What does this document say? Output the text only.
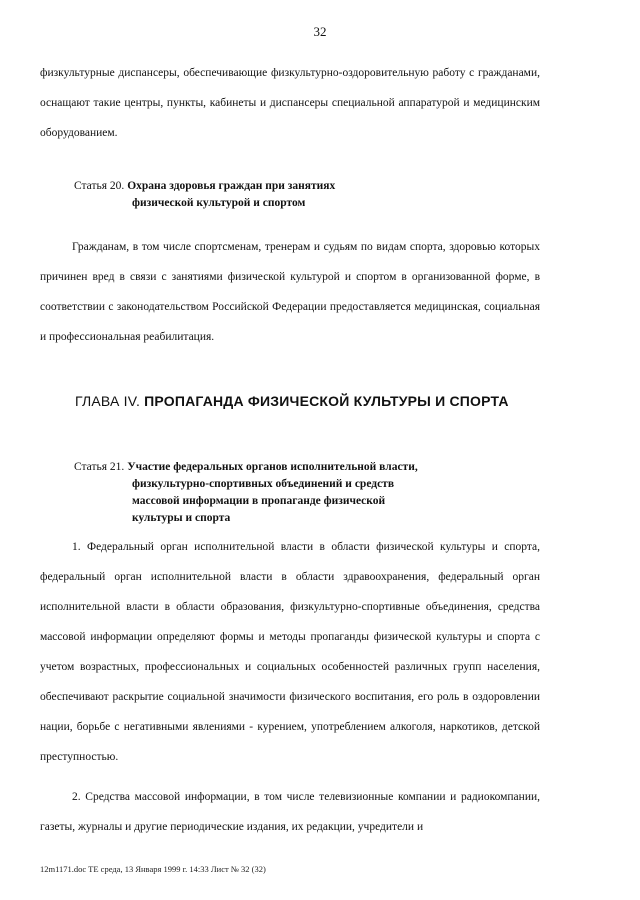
32

физкультурные диспансеры, обеспечивающие физкультурно-оздоровительную работу с гражданами, оснащают такие центры, пункты, кабинеты и диспансеры специальной аппаратурой и медицинским оборудованием.

Статья 20. Охрана здоровья граждан при занятиях
физической культурой и спортом

Гражданам, в том числе спортсменам, тренерам и судьям по видам спорта, здоровью которых причинен вред в связи с занятиями физической культурой и спортом в организованной форме, в соответствии с законодательством Российской Федерации предоставляется медицинская, социальная и профессиональная реабилитация.

ГЛАВА IV. ПРОПАГАНДА ФИЗИЧЕСКОЙ КУЛЬТУРЫ И СПОРТА
Статья 21. Участие федеральных органов исполнительной власти,
физкультурно-спортивных объединений и средств
массовой информации в пропаганде физической
культуры и спорта

1. Федеральный орган исполнительной власти в области физической культуры и спорта, федеральный орган исполнительной власти в области здравоохранения, федеральный орган исполнительной власти в области образования, физкультурно-спортивные объединения, средства массовой информации определяют формы и методы пропаганды физической культуры и спорта с учетом возрастных, профессиональных и социальных особенностей различных групп населения, обеспечивают раскрытие социальной значимости физического воспитания, его роль в оздоровлении нации, борьбе с негативными явлениями - курением, употреблением алкоголя, наркотиков, детской преступностью.

2. Средства массовой информации, в том числе телевизионные компании и радиокомпании, газеты, журналы и другие периодические издания, их редакции, учредители и

12m1171.doc TE среда, 13 Января 1999 г. 14:33 Лист № 32 (32)
